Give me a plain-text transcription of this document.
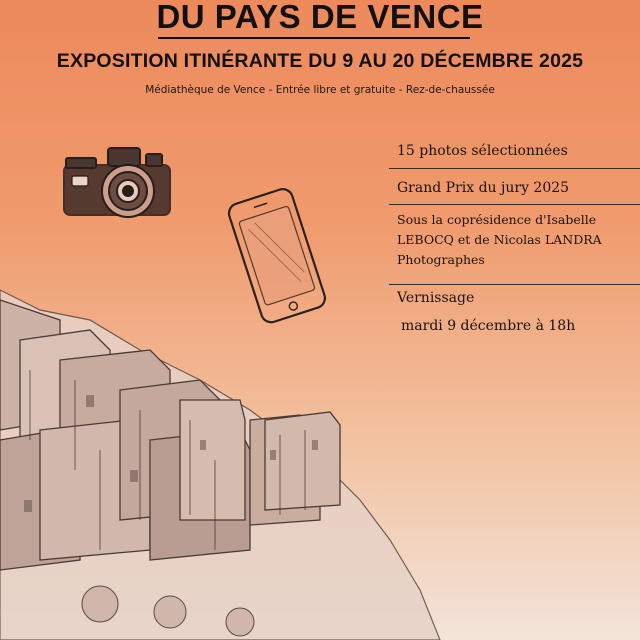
DU PAYS DE VENCE
EXPOSITION ITINÉRANTE DU 9 AU 20 DÉCEMBRE 2025
Médiathèque de Vence - Entrée libre et gratuite - Rez-de-chaussée
15 photos sélectionnées
Grand Prix du jury 2025
Sous la coprésidence d'Isabelle
LEBOCQ et de Nicolas LANDRA
Photographes
Vernissage
mardi 9 décembre à 18h
